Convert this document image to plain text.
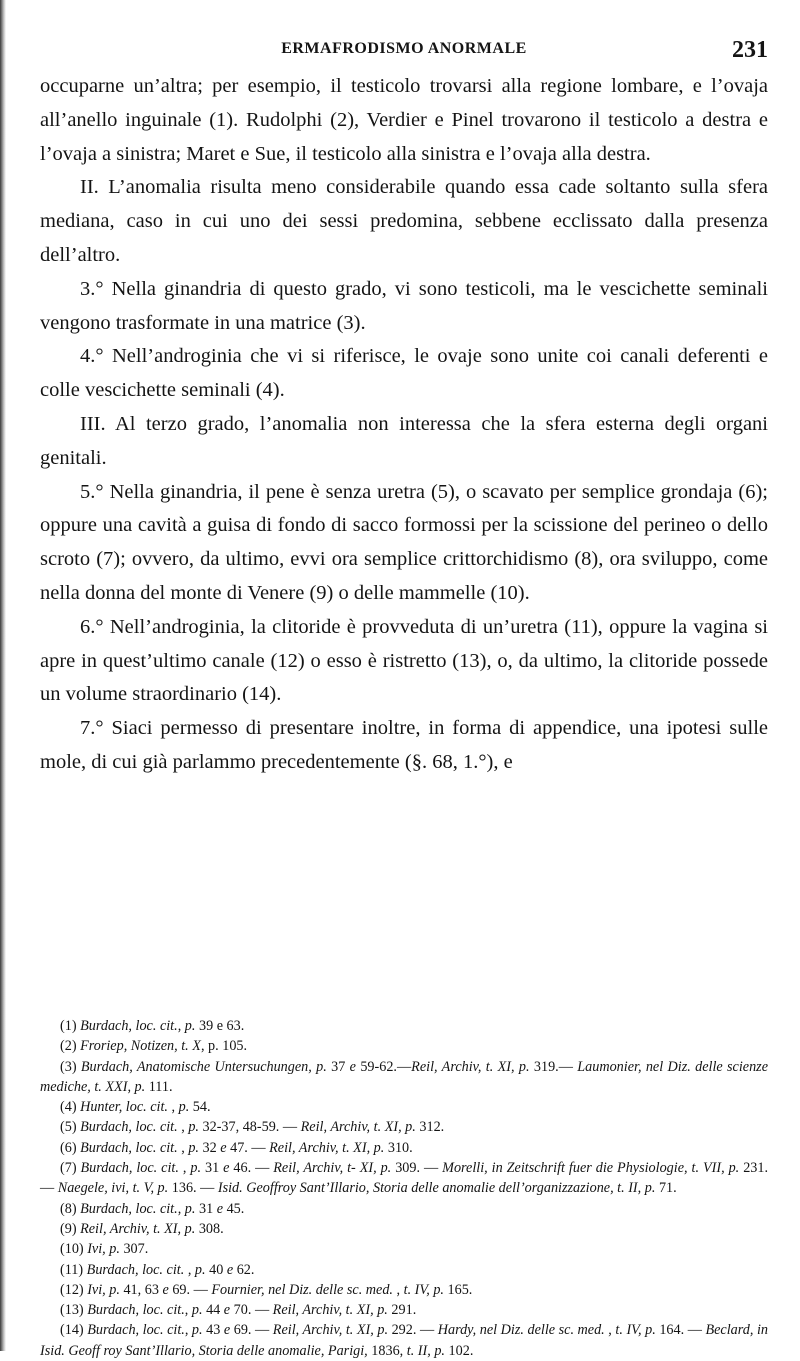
ERMAFRODISMO ANORMALE	231

occuparne un’altra; per esempio, il testicolo trovarsi alla regione lombare, e l’ovaja all’anello inguinale (1). Rudolphi (2), Verdier e Pinel trovarono il testicolo a destra e l’ovaja a sinistra; Maret e Sue, il testicolo alla sinistra e l’ovaja alla destra.

II. L’anomalia risulta meno considerabile quando essa cade soltanto sulla sfera mediana, caso in cui uno dei sessi predomina, sebbene ecclissato dalla presenza dell’altro.

3.° Nella ginandria di questo grado, vi sono testicoli, ma le vescichette seminali vengono trasformate in una matrice (3).

4.° Nell’androginia che vi si riferisce, le ovaje sono unite coi canali deferenti e colle vescichette seminali (4).

III. Al terzo grado, l’anomalia non interessa che la sfera esterna degli organi genitali.

5.° Nella ginandria, il pene è senza uretra (5), o scavato per semplice grondaja (6); oppure una cavità a guisa di fondo di sacco formossi per la scissione del perineo o dello scroto (7); ovvero, da ultimo, evvi ora semplice crittorchidismo (8), ora sviluppo, come nella donna del monte di Venere (9) o delle mammelle (10).

6.° Nell’androginia, la clitoride è provveduta di un’uretra (11), oppure la vagina si apre in quest’ultimo canale (12) o esso è ristretto (13), o, da ultimo, la clitoride possede un volume straordinario (14).

7.° Siaci permesso di presentare inoltre, in forma di appendice, una ipotesi sulle mole, di cui già parlammo precedentemente (§. 68, 1.°), e

(1) Burdach, loc. cit., p. 39 e 63.

(2) Froriep, Notizen, t. X, p. 105.

(3) Burdach, Anatomische Untersuchungen, p. 37 e 59-62.—Reil, Archiv, t. XI, p. 319.— Laumonier, nel Diz. delle scienze mediche, t. XXI, p. 111.

(4) Hunter, loc. cit. , p. 54.

(5) Burdach, loc. cit. , p. 32-37, 48-59. — Reil, Archiv, t. XI, p. 312.

(6) Burdach, loc. cit. , p. 32 e 47. — Reil, Archiv, t. XI, p. 310.

(7) Burdach, loc. cit. , p. 31 e 46. — Reil, Archiv, t- XI, p. 309. — Morelli, in Zeitschrift fuer die Physiologie, t. VII, p. 231. — Naegele, ivi, t. V, p. 136. — Isid. Geoffroy Sant’Illario, Storia delle anomalie dell’organizzazione, t. II, p. 71.

(8) Burdach, loc. cit., p. 31 e 45.

(9) Reil, Archiv, t. XI, p. 308.

(10) Ivi, p. 307.

(11) Burdach, loc. cit. , p. 40 e 62.

(12) Ivi, p. 41, 63 e 69. — Fournier, nel Diz. delle sc. med. , t. IV, p. 165.

(13) Burdach, loc. cit., p. 44 e 70. — Reil, Archiv, t. XI, p. 291.

(14) Burdach, loc. cit., p. 43 e 69. — Reil, Archiv, t. XI, p. 292. — Hardy, nel Diz. delle sc. med. , t. IV, p. 164. — Beclard, in Isid. Geoff roy Sant’Illario, Storia delle anomalie, Parigi, 1836, t. II, p. 102.
